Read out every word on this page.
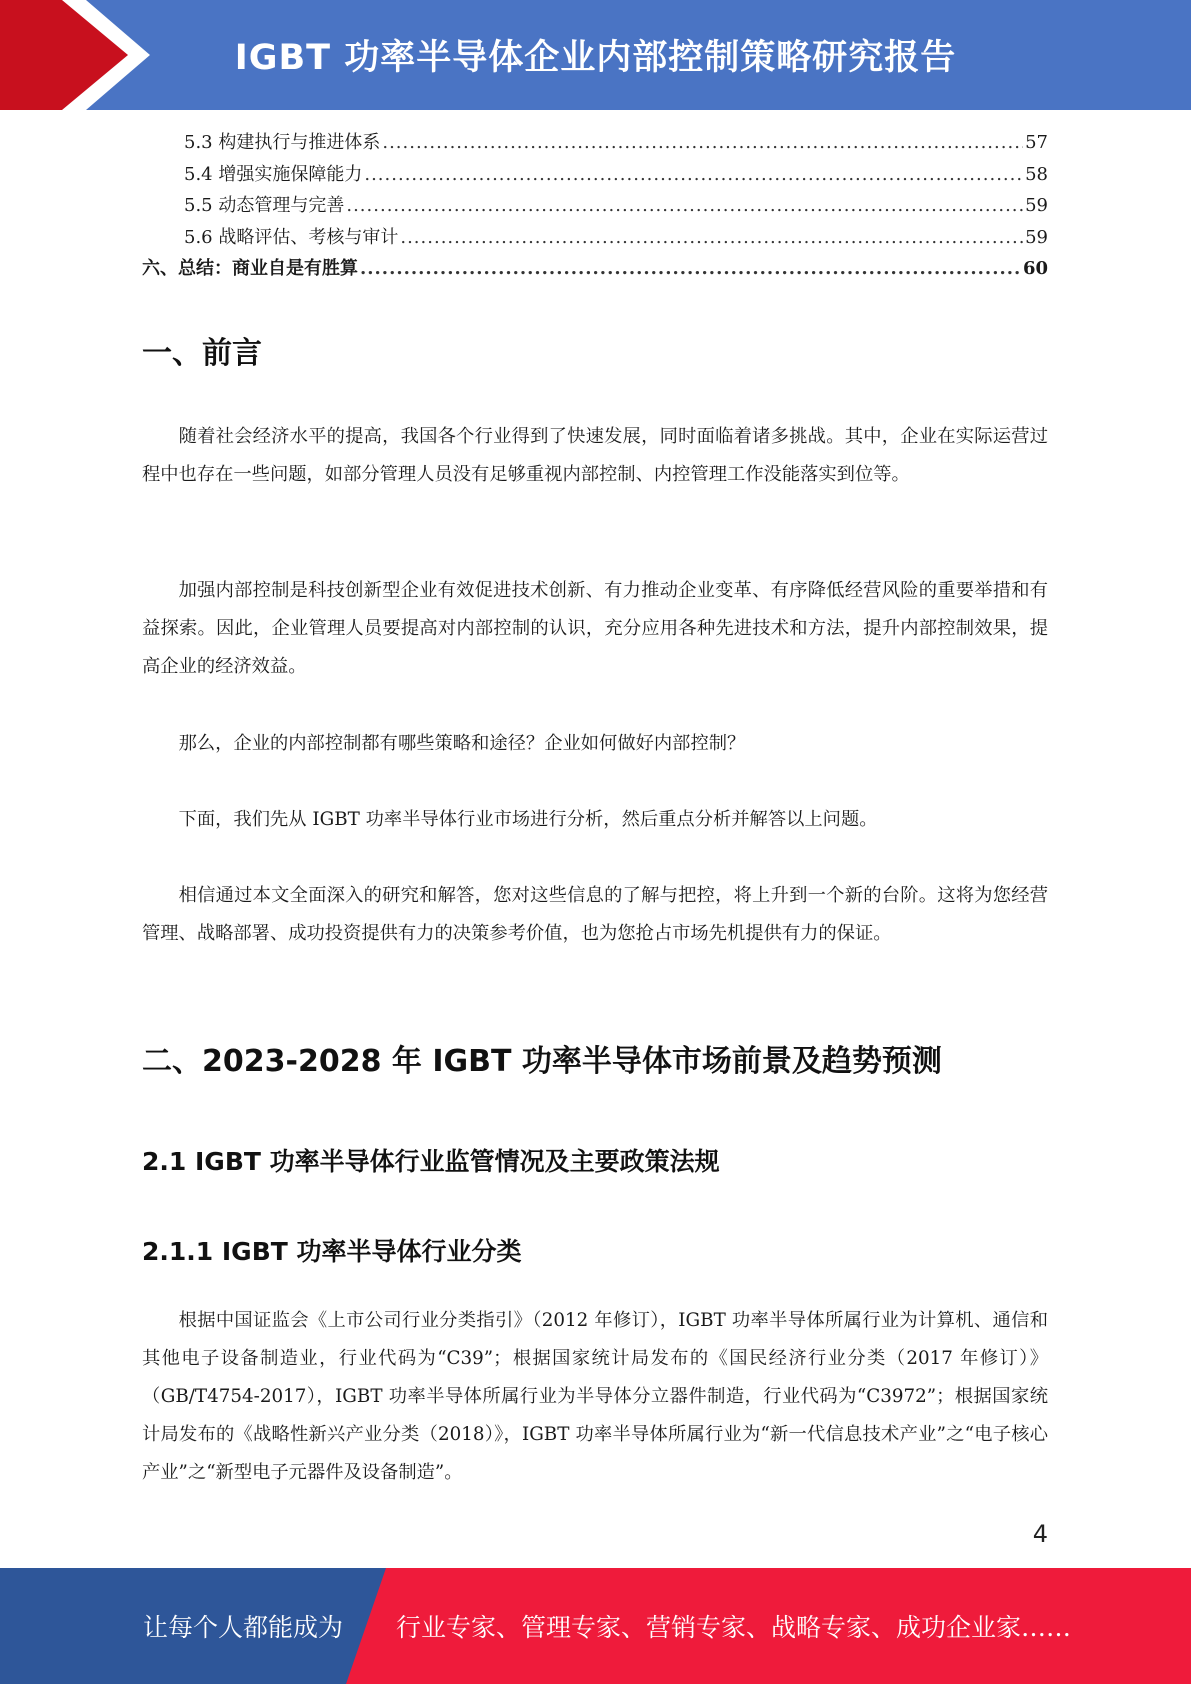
IGBT 功率半导体企业内部控制策略研究报告
5.3 构建执行与推进体系 .....	57
5.4 增强实施保障能力 .....	58
5.5 动态管理与完善 .....	59
5.6 战略评估、考核与审计 .....	59
六、总结：商业自是有胜算 .....	60
一、前言

随着社会经济水平的提高，我国各个行业得到了快速发展，同时面临着诸多挑战。其中，企业在实际运营过程中也存在一些问题，如部分管理人员没有足够重视内部控制、内控管理工作没能落实到位等。

加强内部控制是科技创新型企业有效促进技术创新、有力推动企业变革、有序降低经营风险的重要举措和有益探索。因此，企业管理人员要提高对内部控制的认识，充分应用各种先进技术和方法，提升内部控制效果，提高企业的经济效益。

那么，企业的内部控制都有哪些策略和途径？企业如何做好内部控制？

下面，我们先从 IGBT 功率半导体行业市场进行分析，然后重点分析并解答以上问题。

相信通过本文全面深入的研究和解答，您对这些信息的了解与把控，将上升到一个新的台阶。这将为您经营管理、战略部署、成功投资提供有力的决策参考价值，也为您抢占市场先机提供有力的保证。

二、2023-2028 年 IGBT 功率半导体市场前景及趋势预测
2.1 IGBT 功率半导体行业监管情况及主要政策法规
2.1.1 IGBT 功率半导体行业分类

根据中国证监会《上市公司行业分类指引》（2012 年修订），IGBT 功率半导体所属行业为计算机、通信和其他电子设备制造业，行业代码为“C39”；根据国家统计局发布的《国民经济行业分类（2017 年修订）》（GB/T4754-2017），IGBT 功率半导体所属行业为半导体分立器件制造，行业代码为“C3972”；根据国家统计局发布的《战略性新兴产业分类（2018）》，IGBT 功率半导体所属行业为“新一代信息技术产业”之“电子核心产业”之“新型电子元器件及设备制造”。

4
让每个人都能成为 行业专家、管理专家、营销专家、战略专家、成功企业家……
